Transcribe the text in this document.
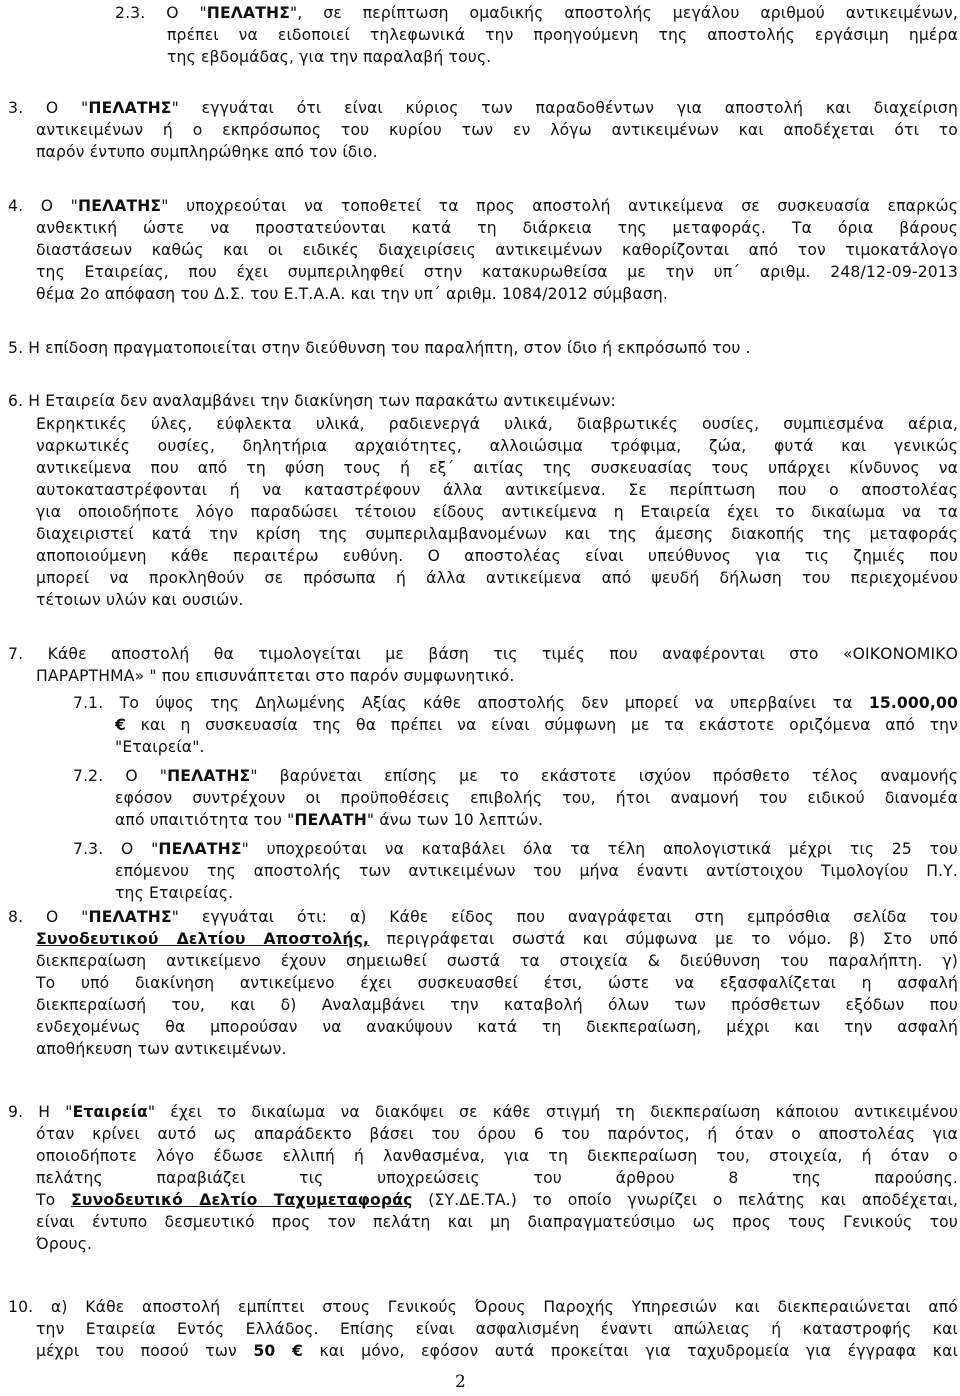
2.3. Ο "ΠΕΛΑΤΗΣ", σε περίπτωση ομαδικής αποστολής μεγάλου αριθμού αντικειμένων,
πρέπει να ειδοποιεί τηλεφωνικά την προηγούμενη της αποστολής εργάσιμη ημέρα
της εβδομάδας, για την παραλαβή τους.
3. Ο "ΠΕΛΑΤΗΣ" εγγυάται ότι είναι κύριος των παραδοθέντων για αποστολή και διαχείριση
αντικειμένων ή ο εκπρόσωπος του κυρίου των εν λόγω αντικειμένων και αποδέχεται ότι το
παρόν έντυπο συμπληρώθηκε από τον ίδιο.
4. Ο "ΠΕΛΑΤΗΣ" υποχρεούται να τοποθετεί τα προς αποστολή αντικείμενα σε συσκευασία επαρκώς
ανθεκτική ώστε να προστατεύονται κατά τη διάρκεια της μεταφοράς. Τα όρια βάρους
διαστάσεων καθώς και οι ειδικές διαχειρίσεις αντικειμένων καθορίζονται από τον τιμοκατάλογο
της Εταιρείας, που έχει συμπεριληφθεί στην κατακυρωθείσα με την υπ΄ αριθμ. 248/12-09-2013
θέμα 2ο απόφαση του Δ.Σ. του Ε.Τ.Α.Α. και την υπ΄ αριθμ. 1084/2012 σύμβαση.
5. Η επίδοση πραγματοποιείται στην διεύθυνση του παραλήπτη, στον ίδιο ή εκπρόσωπό του .
6. Η Εταιρεία δεν αναλαμβάνει την διακίνηση των παρακάτω αντικειμένων:
Εκρηκτικές ύλες, εύφλεκτα υλικά, ραδιενεργά υλικά, διαβρωτικές ουσίες, συμπιεσμένα αέρια,
ναρκωτικές ουσίες, δηλητήρια αρχαιότητες, αλλοιώσιμα τρόφιμα, ζώα, φυτά και γενικώς
αντικείμενα που από τη φύση τους ή εξ΄ αιτίας της συσκευασίας τους υπάρχει κίνδυνος να
αυτοκαταστρέφονται ή να καταστρέφουν άλλα αντικείμενα. Σε περίπτωση που ο αποστολέας
για οποιοδήποτε λόγο παραδώσει τέτοιου είδους αντικείμενα η Εταιρεία έχει το δικαίωμα να τα
διαχειριστεί κατά την κρίση της συμπεριλαμβανομένων και της άμεσης διακοπής της μεταφοράς
αποποιούμενη κάθε περαιτέρω ευθύνη. Ο αποστολέας είναι υπεύθυνος για τις ζημιές που
μπορεί να προκληθούν σε πρόσωπα ή άλλα αντικείμενα από ψευδή δήλωση του περιεχομένου
τέτοιων υλών και ουσιών.
7. Κάθε αποστολή θα τιμολογείται με βάση τις τιμές που αναφέρονται στο «ΟΙΚΟΝΟΜΙΚΟ
ΠΑΡΑΡΤΗΜΑ» " που επισυνάπτεται στο παρόν συμφωνητικό.
7.1. Το ύψος της Δηλωμένης Αξίας κάθε αποστολής δεν μπορεί να υπερβαίνει τα 15.000,00
€ και η συσκευασία της θα πρέπει να είναι σύμφωνη με τα εκάστοτε οριζόμενα από την
"Εταιρεία".
7.2. Ο "ΠΕΛΑΤΗΣ" βαρύνεται επίσης με το εκάστοτε ισχύον πρόσθετο τέλος αναμονής
εφόσον συντρέχουν οι προϋποθέσεις επιβολής του, ήτοι αναμονή του ειδικού διανομέα
από υπαιτιότητα του "ΠΕΛΑΤΗ" άνω των 10 λεπτών.
7.3. Ο "ΠΕΛΑΤΗΣ" υποχρεούται να καταβάλει όλα τα τέλη απολογιστικά μέχρι τις 25 του
επόμενου της αποστολής των αντικειμένων του μήνα έναντι αντίστοιχου Τιμολογίου Π.Υ.
της Εταιρείας.
8. Ο "ΠΕΛΑΤΗΣ" εγγυάται ότι: α) Κάθε είδος που αναγράφεται στη εμπρόσθια σελίδα του
Συνοδευτικού Δελτίου Αποστολής, περιγράφεται σωστά και σύμφωνα με το νόμο. β) Στο υπό
διεκπεραίωση αντικείμενο έχουν σημειωθεί σωστά τα στοιχεία & διεύθυνση του παραλήπτη. γ)
Το υπό διακίνηση αντικείμενο έχει συσκευασθεί έτσι, ώστε να εξασφαλίζεται η ασφαλή
διεκπεραίωσή του, και δ) Αναλαμβάνει την καταβολή όλων των πρόσθετων εξόδων που
ενδεχομένως θα μπορούσαν να ανακύψουν κατά τη διεκπεραίωση, μέχρι και την ασφαλή
αποθήκευση των αντικειμένων.
9. Η "Εταιρεία" έχει το δικαίωμα να διακόψει σε κάθε στιγμή τη διεκπεραίωση κάποιου αντικειμένου
όταν κρίνει αυτό ως απαράδεκτο βάσει του όρου 6 του παρόντος, ή όταν ο αποστολέας για
οποιοδήποτε λόγο έδωσε ελλιπή ή λανθασμένα, για τη διεκπεραίωση του, στοιχεία, ή όταν ο
πελάτης παραβιάζει τις υποχρεώσεις του άρθρου 8 της παρούσης.
Το Συνοδευτικό Δελτίο Ταχυμεταφοράς (ΣΥ.ΔΕ.ΤΑ.) το οποίο γνωρίζει ο πελάτης και αποδέχεται,
είναι έντυπο δεσμευτικό προς τον πελάτη και μη διαπραγματεύσιμο ως προς τους Γενικούς του
Όρους.
10. α) Κάθε αποστολή εμπίπτει στους Γενικούς Όρους Παροχής Υπηρεσιών και διεκπεραιώνεται από
την Εταιρεία Εντός Ελλάδος. Επίσης είναι ασφαλισμένη έναντι απώλειας ή καταστροφής και
μέχρι του ποσού των 50 € και μόνο, εφόσον αυτά προκείται για ταχυδρομεία για έγγραφα και
2
